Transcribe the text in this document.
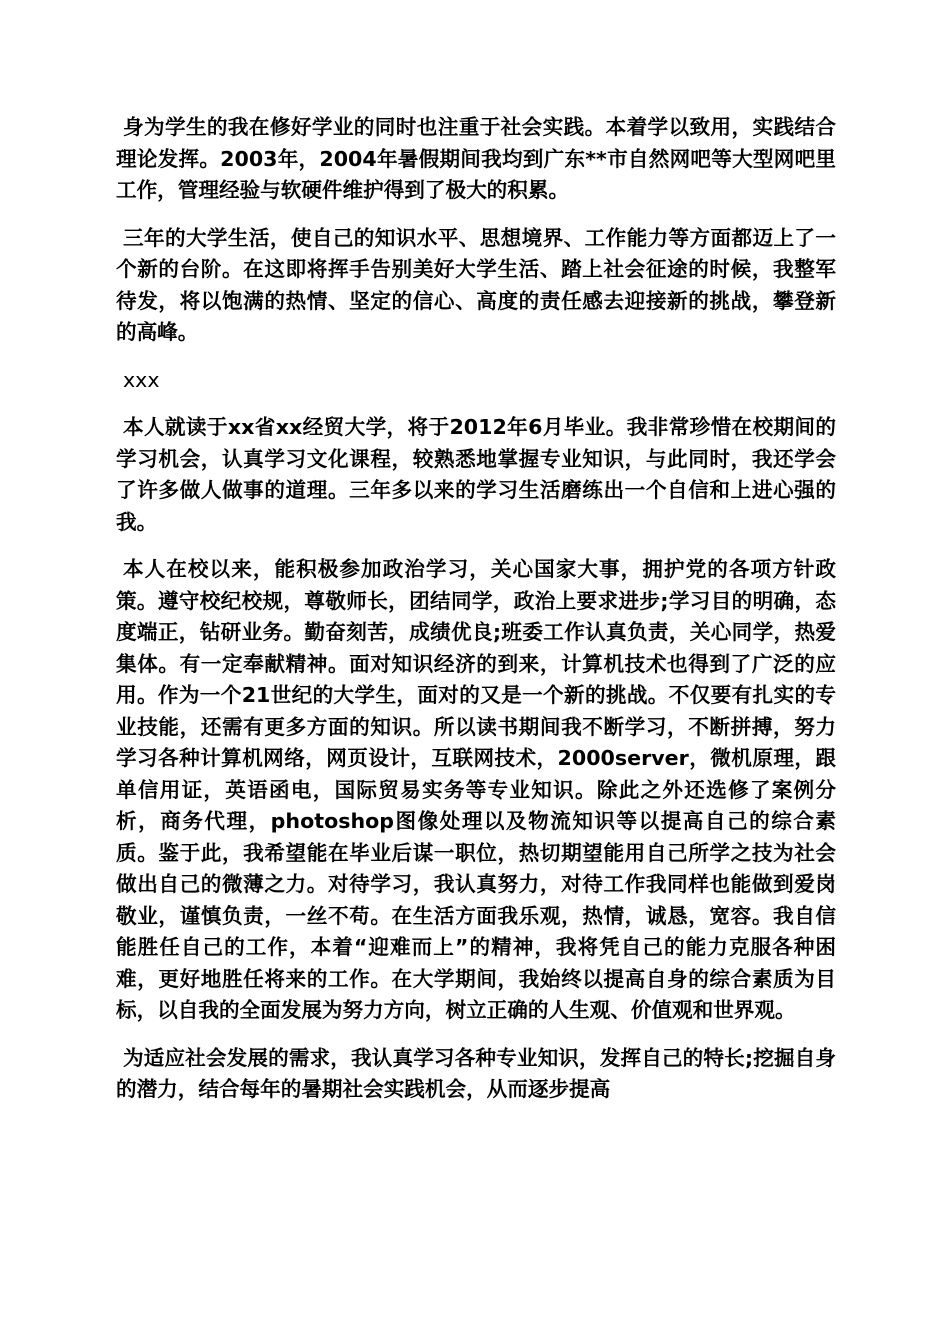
身为学生的我在修好学业的同时也注重于社会实践。本着学以致用，实践结合理论发挥。2003年，2004年暑假期间我均到广东**市自然网吧等大型网吧里工作，管理经验与软硬件维护得到了极大的积累。

三年的大学生活，使自己的知识水平、思想境界、工作能力等方面都迈上了一个新的台阶。在这即将挥手告别美好大学生活、踏上社会征途的时候，我整军待发，将以饱满的热情、坚定的信心、高度的责任感去迎接新的挑战，攀登新的高峰。

xxx

本人就读于xx省xx经贸大学，将于2012年6月毕业。我非常珍惜在校期间的学习机会，认真学习文化课程，较熟悉地掌握专业知识，与此同时，我还学会了许多做人做事的道理。三年多以来的学习生活磨练出一个自信和上进心强的我。

本人在校以来，能积极参加政治学习，关心国家大事，拥护党的各项方针政策。遵守校纪校规，尊敬师长，团结同学，政治上要求进步;学习目的明确，态度端正，钻研业务。勤奋刻苦，成绩优良;班委工作认真负责，关心同学，热爱集体。有一定奉献精神。面对知识经济的到来，计算机技术也得到了广泛的应用。作为一个21世纪的大学生，面对的又是一个新的挑战。不仅要有扎实的专业技能，还需有更多方面的知识。所以读书期间我不断学习，不断拼搏，努力学习各种计算机网络，网页设计，互联网技术，2000server，微机原理，跟单信用证，英语函电，国际贸易实务等专业知识。除此之外还选修了案例分析，商务代理，photoshop图像处理以及物流知识等以提高自己的综合素质。鉴于此，我希望能在毕业后谋一职位，热切期望能用自己所学之技为社会做出自己的微薄之力。对待学习，我认真努力，对待工作我同样也能做到爱岗敬业，谨慎负责，一丝不苟。在生活方面我乐观，热情，诚恳，宽容。我自信能胜任自己的工作，本着“迎难而上”的精神，我将凭自己的能力克服各种困难，更好地胜任将来的工作。在大学期间，我始终以提高自身的综合素质为目标，以自我的全面发展为努力方向，树立正确的人生观、价值观和世界观。

为适应社会发展的需求，我认真学习各种专业知识，发挥自己的特长;挖掘自身的潜力，结合每年的暑期社会实践机会，从而逐步提高
